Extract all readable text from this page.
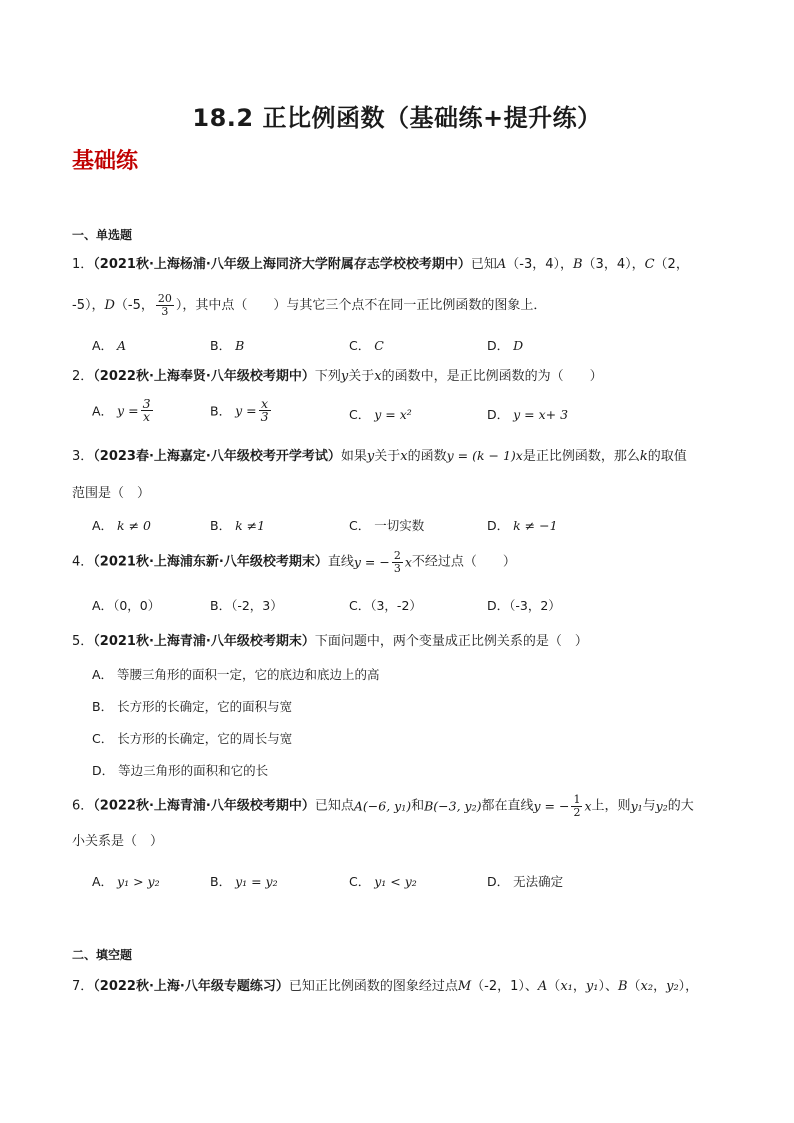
18.2 正比例函数（基础练+提升练）
基础练
一、单选题
1．（2021秋·上海杨浦·八年级上海同济大学附属存志学校校考期中）已知A（-3，4），B（3，4），C（2，
-5），D（-5， $\frac{20}{3}$ ），其中点（　　）与其它三个点不在同一正比例函数的图象上．
A． A	B． B	C． C	D． D
2．（2022秋·上海奉贤·八年级校考期中）下列y关于x的函数中，是正比例函数的为（　　）
A． $y = \frac{3}{x}$	B． $y = \frac{x}{3}$	C． y = x²	D． y = x+ 3
3．（2023春·上海嘉定·八年级校考开学考试）如果y关于x的函数y = (k − 1)x是正比例函数，那么k的取值
范围是（　）
A． k ≠ 0	B． k ≠1	C． 一切实数	D． k ≠ −1
4．（2021秋·上海浦东新·八年级校考期末）直线y = − $\frac{2}{3}$ x不经过点（　　）
A．（0，0）	B．（-2，3）	C．（3，-2）	D．（-3，2）
5．（2021秋·上海青浦·八年级校考期末）下面问题中，两个变量成正比例关系的是（　）
A． 等腰三角形的面积一定，它的底边和底边上的高
B． 长方形的长确定，它的面积与宽
C． 长方形的长确定，它的周长与宽
D． 等边三角形的面积和它的长
6．（2022秋·上海青浦·八年级校考期中）已知点A(−6, y₁)和B(−3, y₂)都在直线y = − $\frac{1}{2}$ x上，则y₁与y₂的大
小关系是（　）
A． y₁ > y₂	B． y₁ = y₂	C． y₁ < y₂	D． 无法确定
二、填空题
7．（2022秋·上海·八年级专题练习）已知正比例函数的图象经过点M（-2，1）、A（x₁，y₁）、B（x₂，y₂），
